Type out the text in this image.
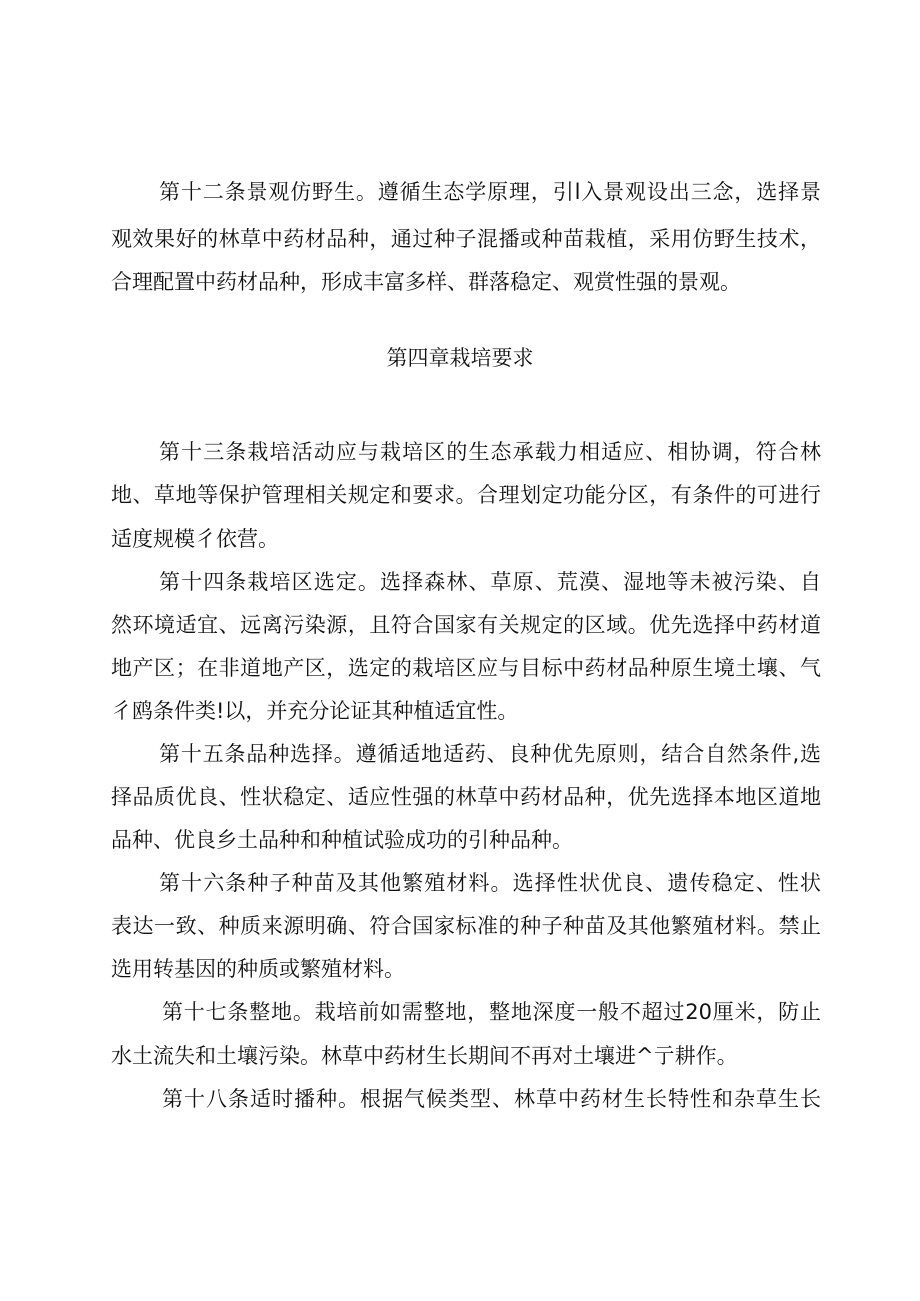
第十二条景观仿野生。遵循生态学原理，引l入景观设出三念，选择景
观效果好的林草中药材品种，通过种子混播或种苗栽植，采用仿野生技术，
合理配置中药材品种，形成丰富多样、群落稳定、观赏性强的景观。
第四章栽培要求
第十三条栽培活动应与栽培区的生态承载力相适应、相协调，符合林
地、草地等保护管理相关规定和要求。合理划定功能分区，有条件的可进行
适度规模彳依营。
第十四条栽培区选定。选择森林、草原、荒漠、湿地等未被污染、自
然环境适宜、远离污染源，且符合国家有关规定的区域。优先选择中药材道
地产区；在非道地产区，选定的栽培区应与目标中药材品种原生境土壤、气
彳鸥条件类!以，并充分论证其种植适宜性。
第十五条品种选择。遵循适地适药、良种优先原则，结合自然条件,选
择品质优良、性状稳定、适应性强的林草中药材品种，优先选择本地区道地
品种、优良乡土品种和种植试验成功的引种品种。
第十六条种子种苗及其他繁殖材料。选择性状优良、遗传稳定、性状
表达一致、种质来源明确、符合国家标准的种子种苗及其他繁殖材料。禁止
选用转基因的种质或繁殖材料。
第十七条整地。栽培前如需整地，整地深度一般不超过20厘米，防止
水土流失和土壤污染。林草中药材生长期间不再对土壤进^亍耕作。
第十八条适时播种。根据气候类型、林草中药材生长特性和杂草生长
